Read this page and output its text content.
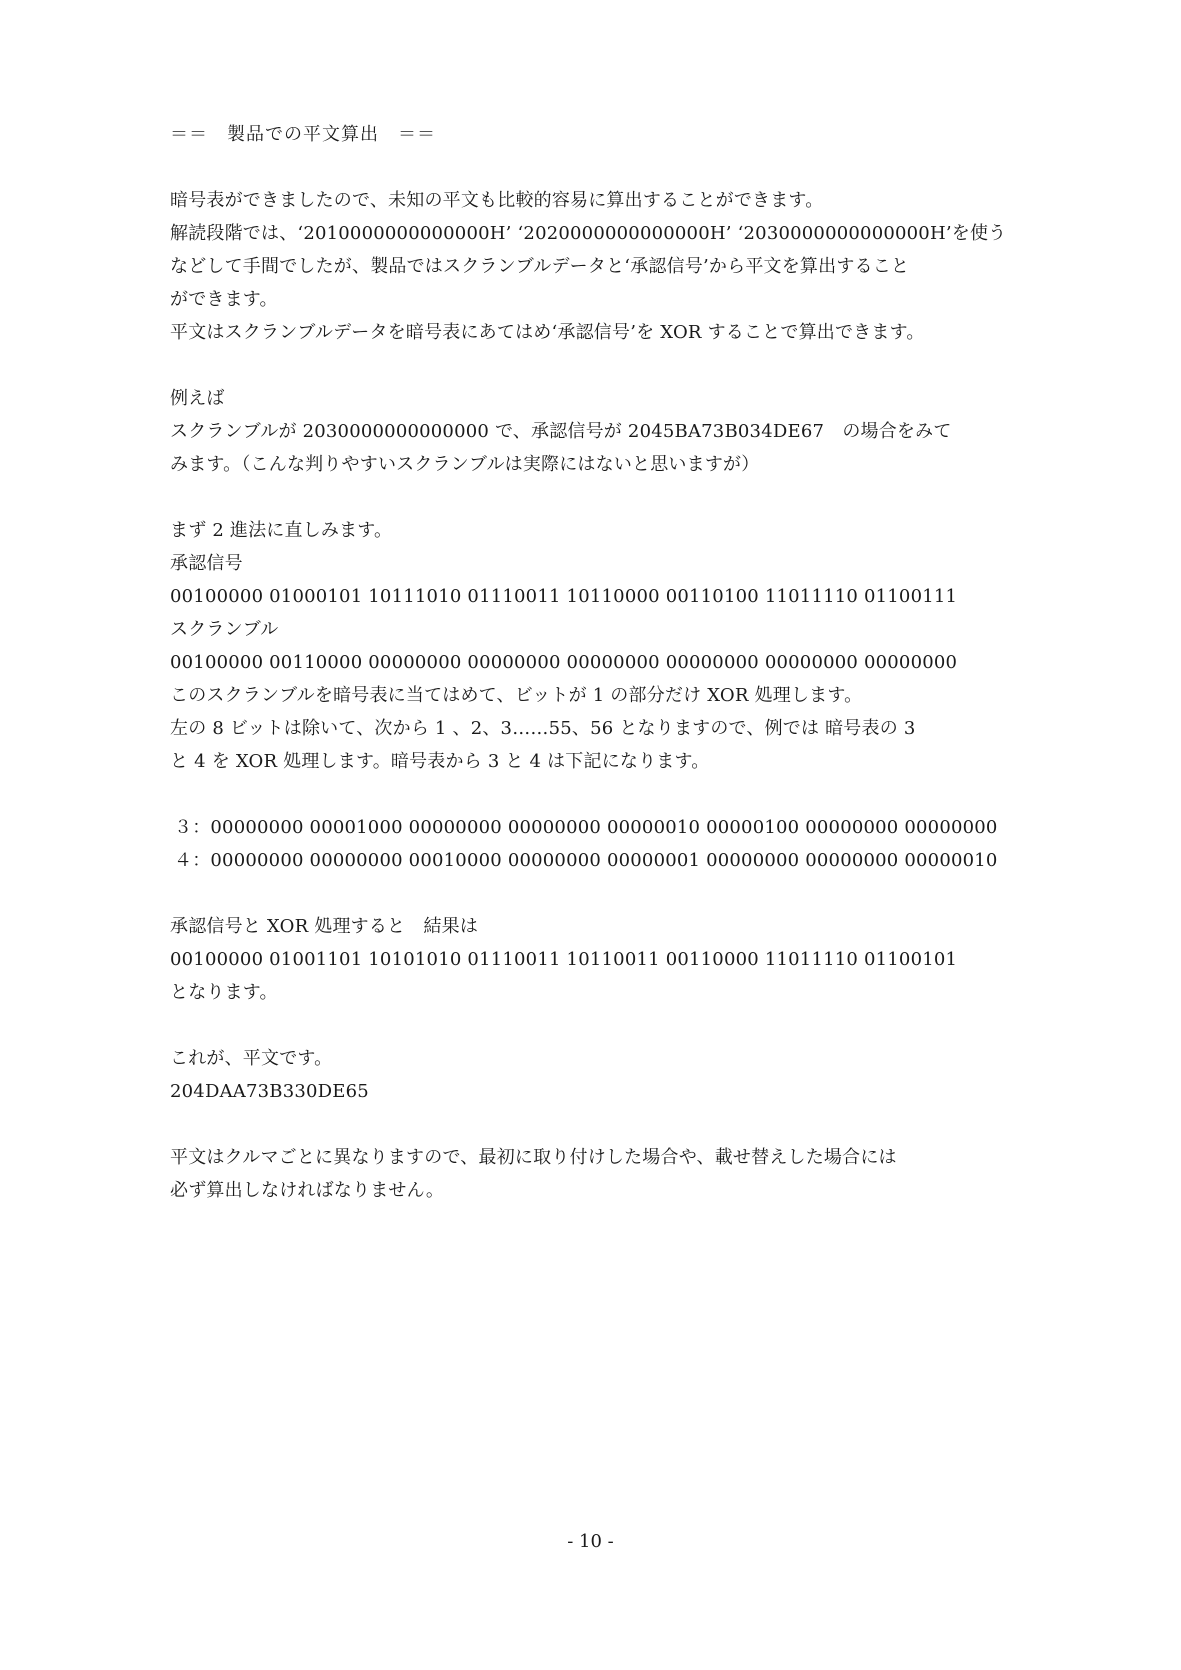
＝＝　製品での平文算出　＝＝
暗号表ができましたので、未知の平文も比較的容易に算出することができます。
解読段階では、‘2010000000000000H’ ‘2020000000000000H’ ‘2030000000000000H’を使う
などして手間でしたが、製品ではスクランブルデータと‘承認信号’から平文を算出すること
ができます。
平文はスクランブルデータを暗号表にあてはめ‘承認信号’を XOR することで算出できます。
例えば
スクランブルが 2030000000000000 で、承認信号が 2045BA73B034DE67　の場合をみて
みます。（こんな判りやすいスクランブルは実際にはないと思いますが）
まず 2 進法に直しみます。
承認信号
00100000 01000101 10111010 01110011 10110000 00110100 11011110 01100111
スクランブル
00100000 00110000 00000000 00000000 00000000 00000000 00000000 00000000
このスクランブルを暗号表に当てはめて、ビットが 1 の部分だけ XOR 処理します。
左の 8 ビットは除いて、次から 1 、2、3……55、56 となりますので、例では 暗号表の 3
と 4 を XOR 処理します。暗号表から 3 と 4 は下記になります。
３：00000000 00001000 00000000 00000000 00000010 00000100 00000000 00000000
４：00000000 00000000 00010000 00000000 00000001 00000000 00000000 00000010
承認信号と XOR 処理すると　結果は
00100000 01001101 10101010 01110011 10110011 00110000 11011110 01100101
となります。
これが、平文です。
204DAA73B330DE65
平文はクルマごとに異なりますので、最初に取り付けした場合や、載せ替えした場合には
必ず算出しなければなりません。
- 10 -
